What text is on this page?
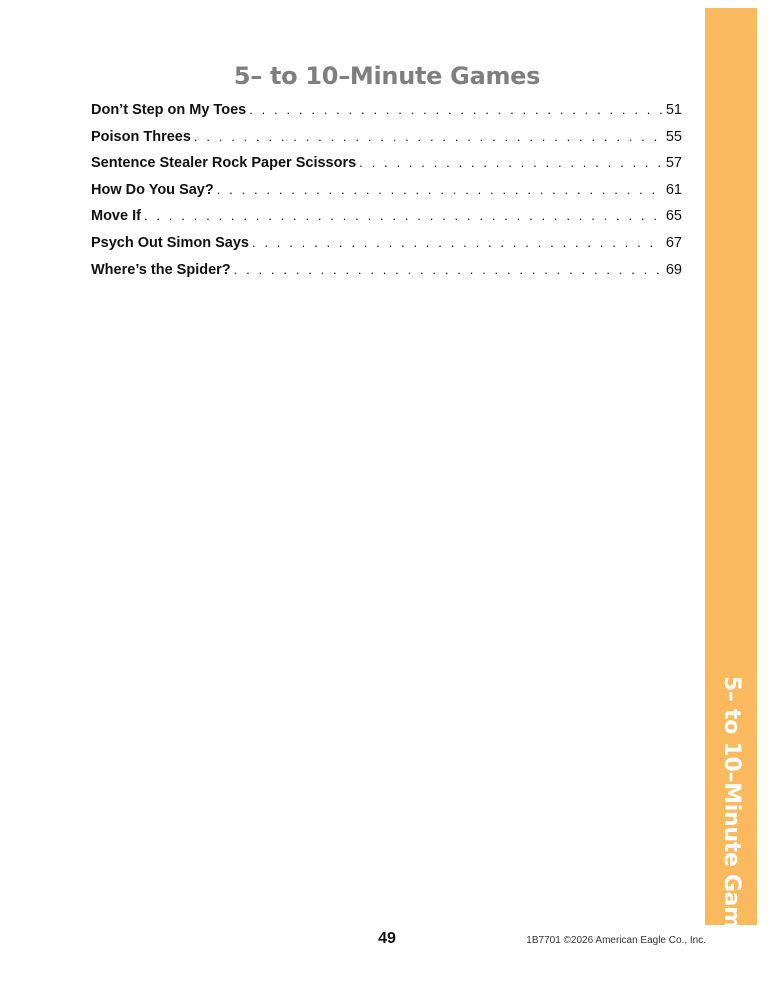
5– to 10–Minute Games
Don’t Step on My Toes . . .	51
Poison Threes . . .	55
Sentence Stealer Rock Paper Scissors . . .	57
How Do You Say? . . .	61
Move If . . .	65
Psych Out Simon Says . . .	67
Where’s the Spider? . . .	69
5– to 10–Minute Games
49	1B7701 ©2026 American Eagle Co., Inc.
